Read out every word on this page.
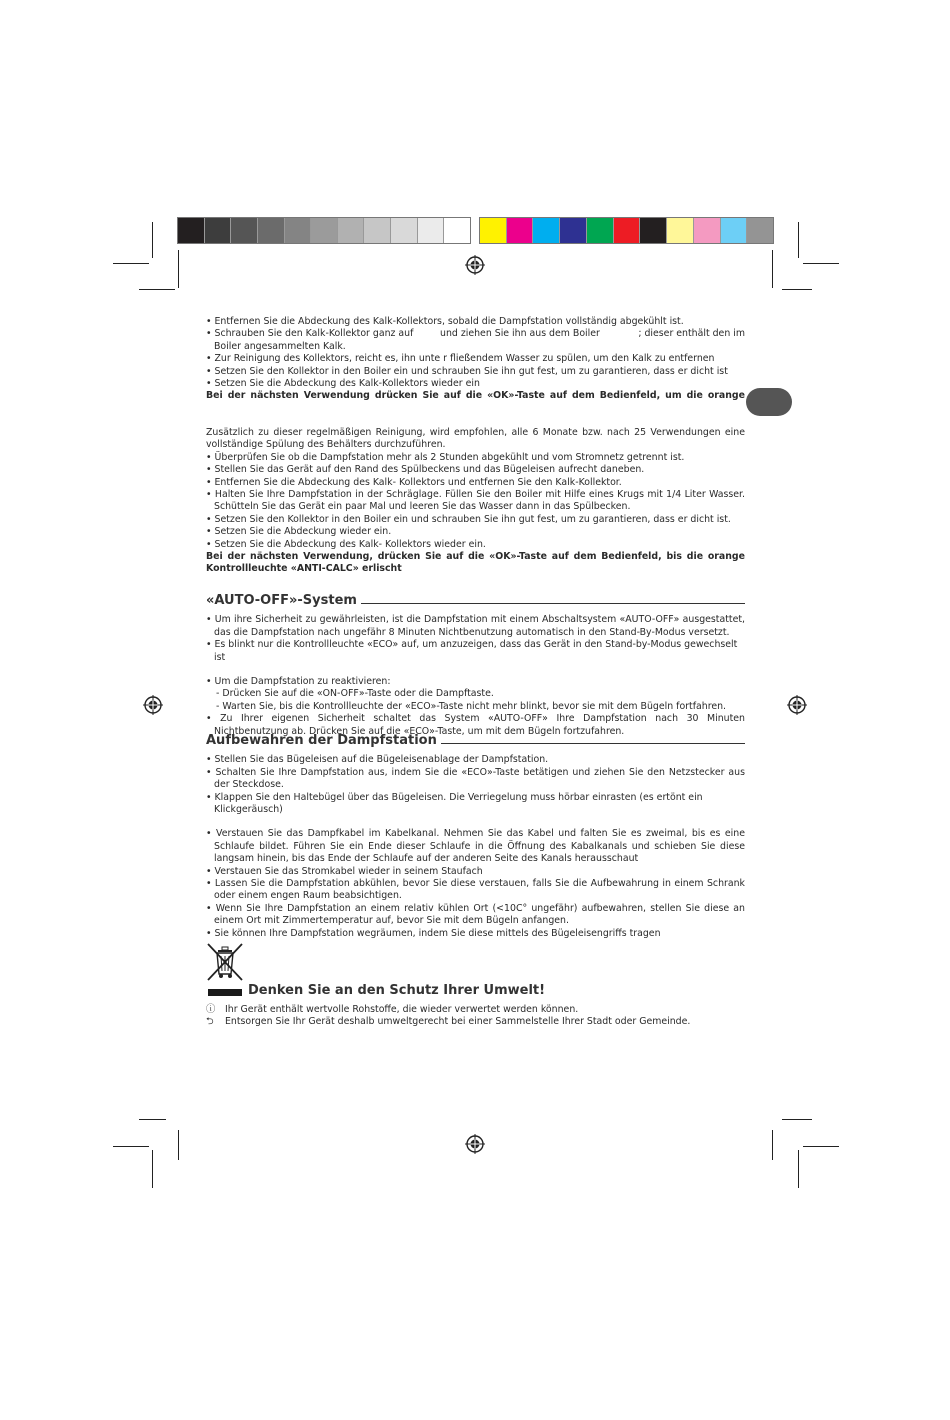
• Entfernen Sie die Abdeckung des Kalk-Kollektors, sobald die Dampfstation vollständig abgekühlt ist.

• Schrauben Sie den Kalk-Kollektor ganz auf	und ziehen Sie ihn aus dem Boiler	; dieser enthält den im

Boiler angesammelten Kalk.

• Zur Reinigung des Kollektors, reicht es, ihn unte r fließendem Wasser zu spülen, um den Kalk zu entfernen

• Setzen Sie den Kollektor in den Boiler ein und schrauben Sie ihn gut fest, um zu garantieren, dass er dicht ist

• Setzen Sie die Abdeckung des Kalk-Kollektors wieder ein

Bei der nächsten Verwendung drücken Sie auf die «OK»-Taste auf dem Bedienfeld, um die orange

Zusätzlich zu dieser regelmäßigen Reinigung, wird empfohlen, alle 6 Monate bzw. nach 25 Verwendungen eine vollständige Spülung des Behälters durchzuführen.

• Überprüfen Sie ob die Dampfstation mehr als 2 Stunden abgekühlt und vom Stromnetz getrennt ist.

• Stellen Sie das Gerät auf den Rand des Spülbeckens und das Bügeleisen aufrecht daneben.

• Entfernen Sie die Abdeckung des Kalk- Kollektors und entfernen Sie den Kalk-Kollektor.

• Halten Sie Ihre Dampfstation in der Schräglage. Füllen Sie den Boiler mit Hilfe eines Krugs mit 1/4 Liter Wasser. Schütteln Sie das Gerät ein paar Mal und leeren Sie das Wasser dann in das Spülbecken.

• Setzen Sie den Kollektor in den Boiler ein und schrauben Sie ihn gut fest, um zu garantieren, dass er dicht ist.

• Setzen Sie die Abdeckung wieder ein.

• Setzen Sie die Abdeckung des Kalk- Kollektors wieder ein.

Bei der nächsten Verwendung, drücken Sie auf die «OK»-Taste auf dem Bedienfeld, bis die orange Kontrollleuchte «ANTI-CALC» erlischt

«AUTO-OFF»-System

• Um ihre Sicherheit zu gewährleisten, ist die Dampfstation mit einem Abschaltsystem «AUTO-OFF» ausgestattet, das die Dampfstation nach ungefähr 8 Minuten Nichtbenutzung automatisch in den Stand-By-Modus versetzt.

• Es blinkt nur die Kontrollleuchte «ECO» auf, um anzuzeigen, dass das Gerät in den Stand-by-Modus gewechselt ist

• Um die Dampfstation zu reaktivieren:

- Drücken Sie auf die «ON-OFF»-Taste oder die Dampftaste.

- Warten Sie, bis die Kontrollleuchte der «ECO»-Taste nicht mehr blinkt, bevor sie mit dem Bügeln fortfahren.

• Zu Ihrer eigenen Sicherheit schaltet das System «AUTO-OFF» Ihre Dampfstation nach 30 Minuten Nichtbenutzung ab. Drücken Sie auf die «ECO»-Taste, um mit dem Bügeln fortzufahren.

Aufbewahren der Dampfstation

• Stellen Sie das Bügeleisen auf die Bügeleisenablage der Dampfstation.

• Schalten Sie Ihre Dampfstation aus, indem Sie die «ECO»-Taste betätigen und ziehen Sie den Netzstecker aus der Steckdose.

• Klappen Sie den Haltebügel über das Bügeleisen. Die Verriegelung muss hörbar einrasten (es ertönt ein Klickgeräusch)

• Verstauen Sie das Dampfkabel im Kabelkanal. Nehmen Sie das Kabel und falten Sie es zweimal, bis es eine Schlaufe bildet. Führen Sie ein Ende dieser Schlaufe in die Öffnung des Kabalkanals und schieben Sie diese langsam hinein, bis das Ende der Schlaufe auf der anderen Seite des Kanals herausschaut

• Verstauen Sie das Stromkabel wieder in seinem Staufach

• Lassen Sie die Dampfstation abkühlen, bevor Sie diese verstauen, falls Sie die Aufbewahrung in einem Schrank oder einem engen Raum beabsichtigen.

• Wenn Sie Ihre Dampfstation an einem relativ kühlen Ort (<10C° ungefähr) aufbewahren, stellen Sie diese an einem Ort mit Zimmertemperatur auf, bevor Sie mit dem Bügeln anfangen.

• Sie können Ihre Dampfstation wegräumen, indem Sie diese mittels des Bügeleisengriffs tragen

Denken Sie an den Schutz Ihrer Umwelt!
ⓘ	Ihr Gerät enthält wertvolle Rohstoffe, die wieder verwertet werden können.
⮌	Entsorgen Sie Ihr Gerät deshalb umweltgerecht bei einer Sammelstelle Ihrer Stadt oder Gemeinde.
